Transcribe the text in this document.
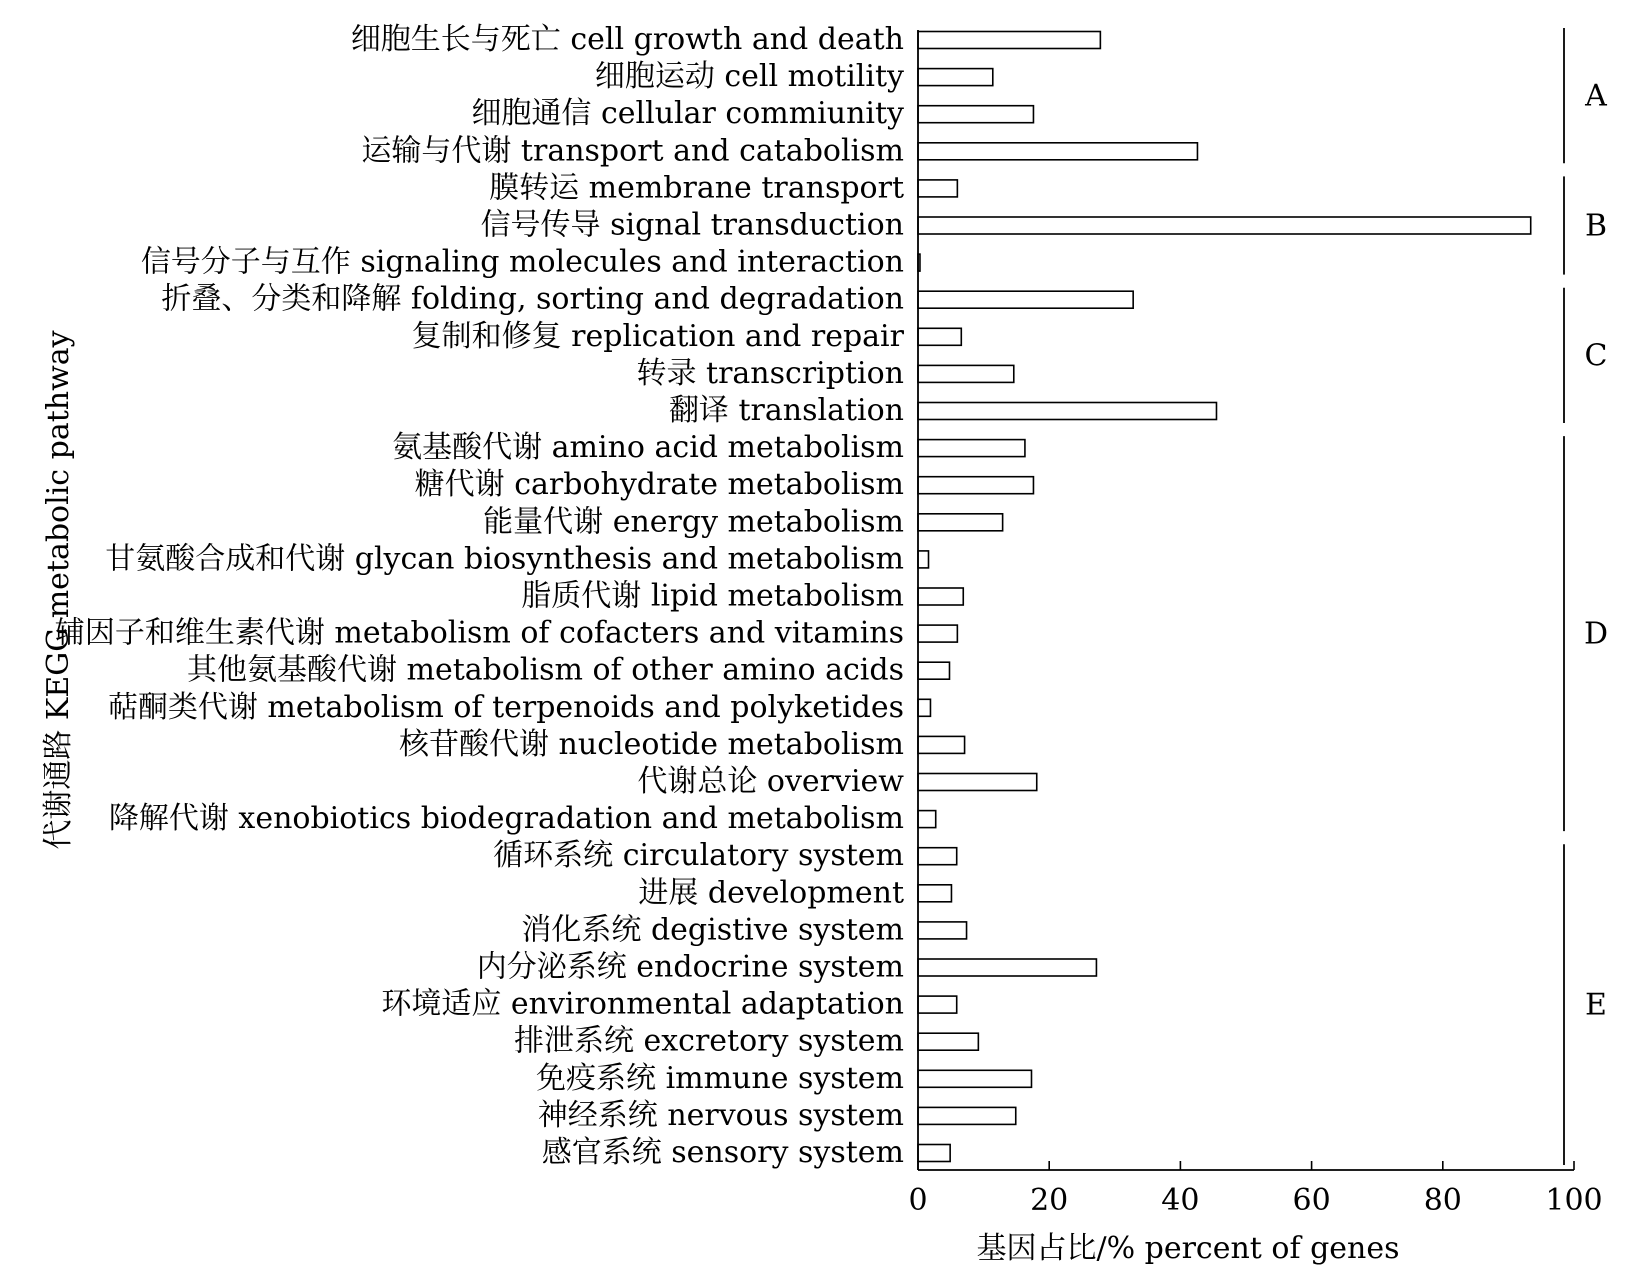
细胞生长与死亡 cell growth and death
细胞运动 cell motility
细胞通信 cellular commiunity
运输与代谢 transport and catabolism
膜转运 membrane transport
信号传导 signal transduction
信号分子与互作 signaling molecules and interaction
折叠、分类和降解 folding, sorting and degradation
复制和修复 replication and repair
转录 transcription
翻译 translation
氨基酸代谢 amino acid metabolism
糖代谢 carbohydrate metabolism
能量代谢 energy metabolism
甘氨酸合成和代谢 glycan biosynthesis and metabolism
脂质代谢 lipid metabolism
辅因子和维生素代谢 metabolism of cofacters and vitamins
其他氨基酸代谢 metabolism of other amino acids
萜酮类代谢 metabolism of terpenoids and polyketides
核苷酸代谢 nucleotide metabolism
代谢总论 overview
降解代谢 xenobiotics biodegradation and metabolism
循环系统 circulatory system
进展 development
消化系统 degistive system
内分泌系统 endocrine system
环境适应 environmental adaptation
排泄系统 excretory system
免疫系统 immune system
神经系统 nervous system
感官系统 sensory system
0	20	40	60	80	100
A
B
C
D
E
代谢通路 KEGG metabolic pathway
基因占比/% percent of genes
